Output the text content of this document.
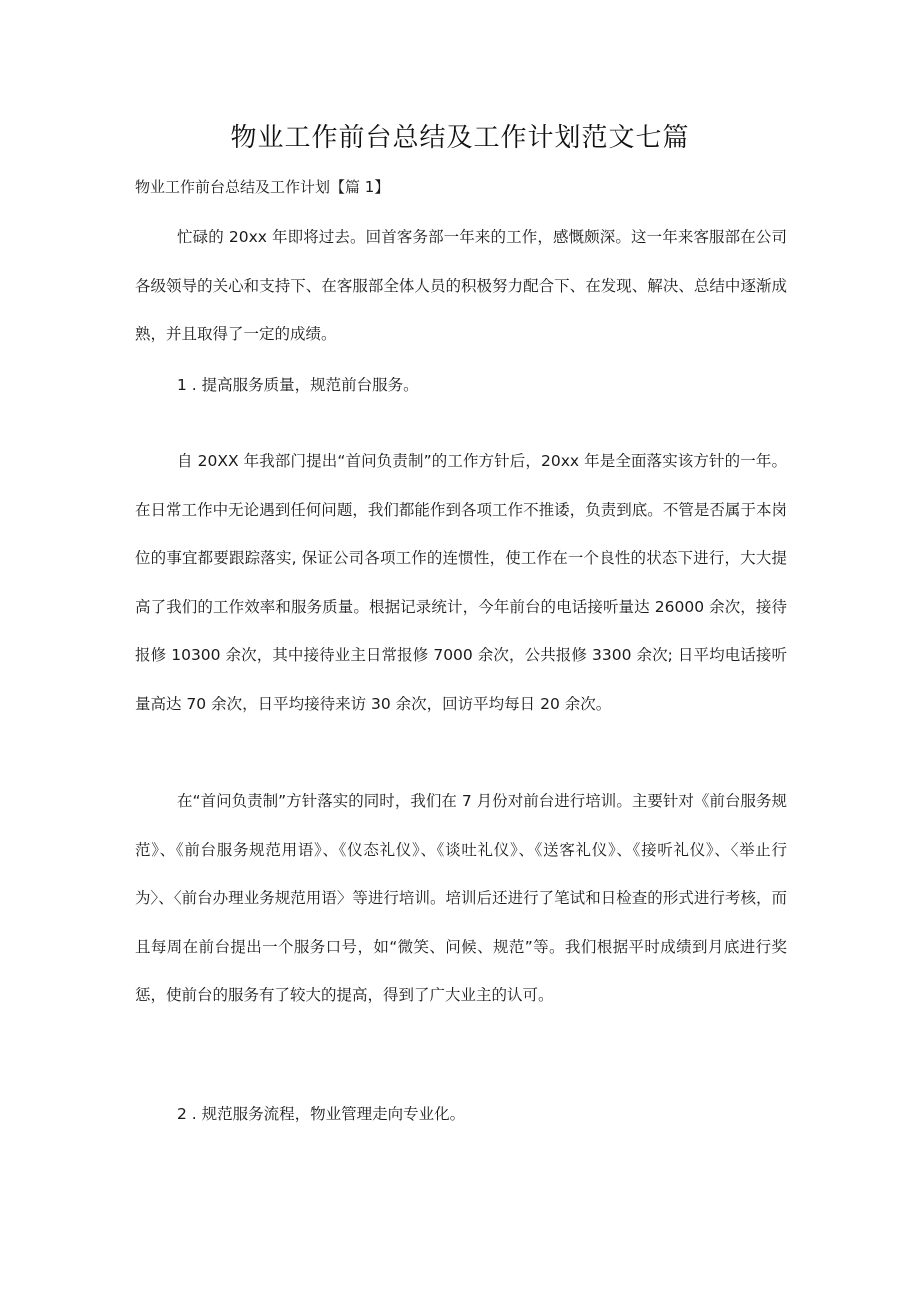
物业工作前台总结及工作计划范文七篇
物业工作前台总结及工作计划【篇 1】
忙碌的 20xx 年即将过去。回首客务部一年来的工作，感慨颇深。这一年来客服部在公司各级领导的关心和支持下、在客服部全体人员的积极努力配合下、在发现、解决、总结中逐渐成熟，并且取得了一定的成绩。
1 . 提高服务质量，规范前台服务。
自 20XX 年我部门提出“首问负责制”的工作方针后，20xx 年是全面落实该方针的一年。在日常工作中无论遇到任何问题，我们都能作到各项工作不推诿，负责到底。不管是否属于本岗位的事宜都要跟踪落实, 保证公司各项工作的连惯性，使工作在一个良性的状态下进行，大大提高了我们的工作效率和服务质量。根据记录统计，今年前台的电话接听量达 26000 余次，接待报修 10300 余次，其中接待业主日常报修 7000 余次，公共报修 3300 余次; 日平均电话接听量高达 70 余次，日平均接待来访 30 余次，回访平均每日 20 余次。
在“首问负责制”方针落实的同时，我们在 7 月份对前台进行培训。主要针对《前台服务规范》、《前台服务规范用语》、《仪态礼仪》、《谈吐礼仪》、《送客礼仪》、《接听礼仪》、〈举止行为〉、〈前台办理业务规范用语〉等进行培训。培训后还进行了笔试和日检查的形式进行考核，而且每周在前台提出一个服务口号，如“微笑、问候、规范”等。我们根据平时成绩到月底进行奖惩，使前台的服务有了较大的提高，得到了广大业主的认可。
2 . 规范服务流程，物业管理走向专业化。
